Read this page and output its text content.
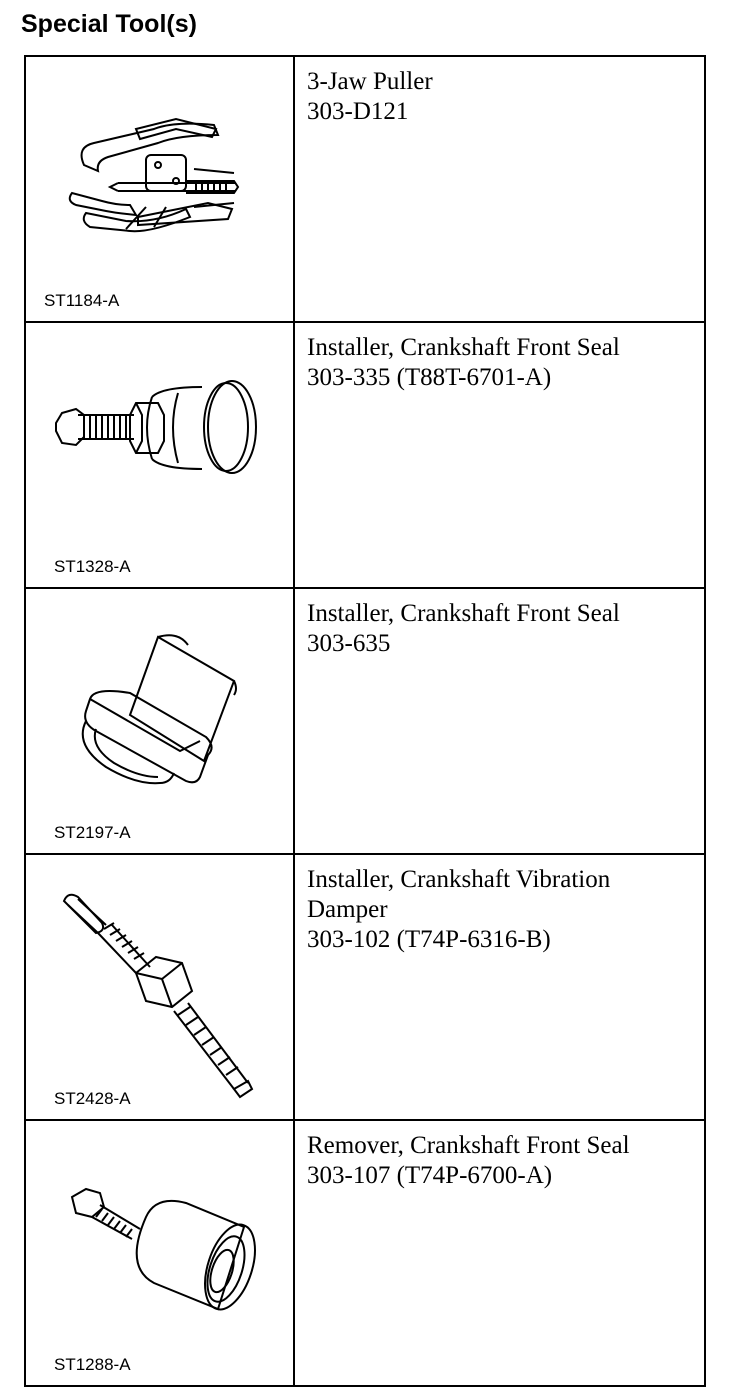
Special Tool(s)
ST1184-A	3-Jaw Puller
303-D121

ST1328-A	Installer, Crankshaft Front Seal
303-335 (T88T-6701-A)

ST2197-A	Installer, Crankshaft Front Seal
303-635

ST2428-A	Installer, Crankshaft Vibration
Damper
303-102 (T74P-6316-B)

ST1288-A	Remover, Crankshaft Front Seal
303-107 (T74P-6700-A)
